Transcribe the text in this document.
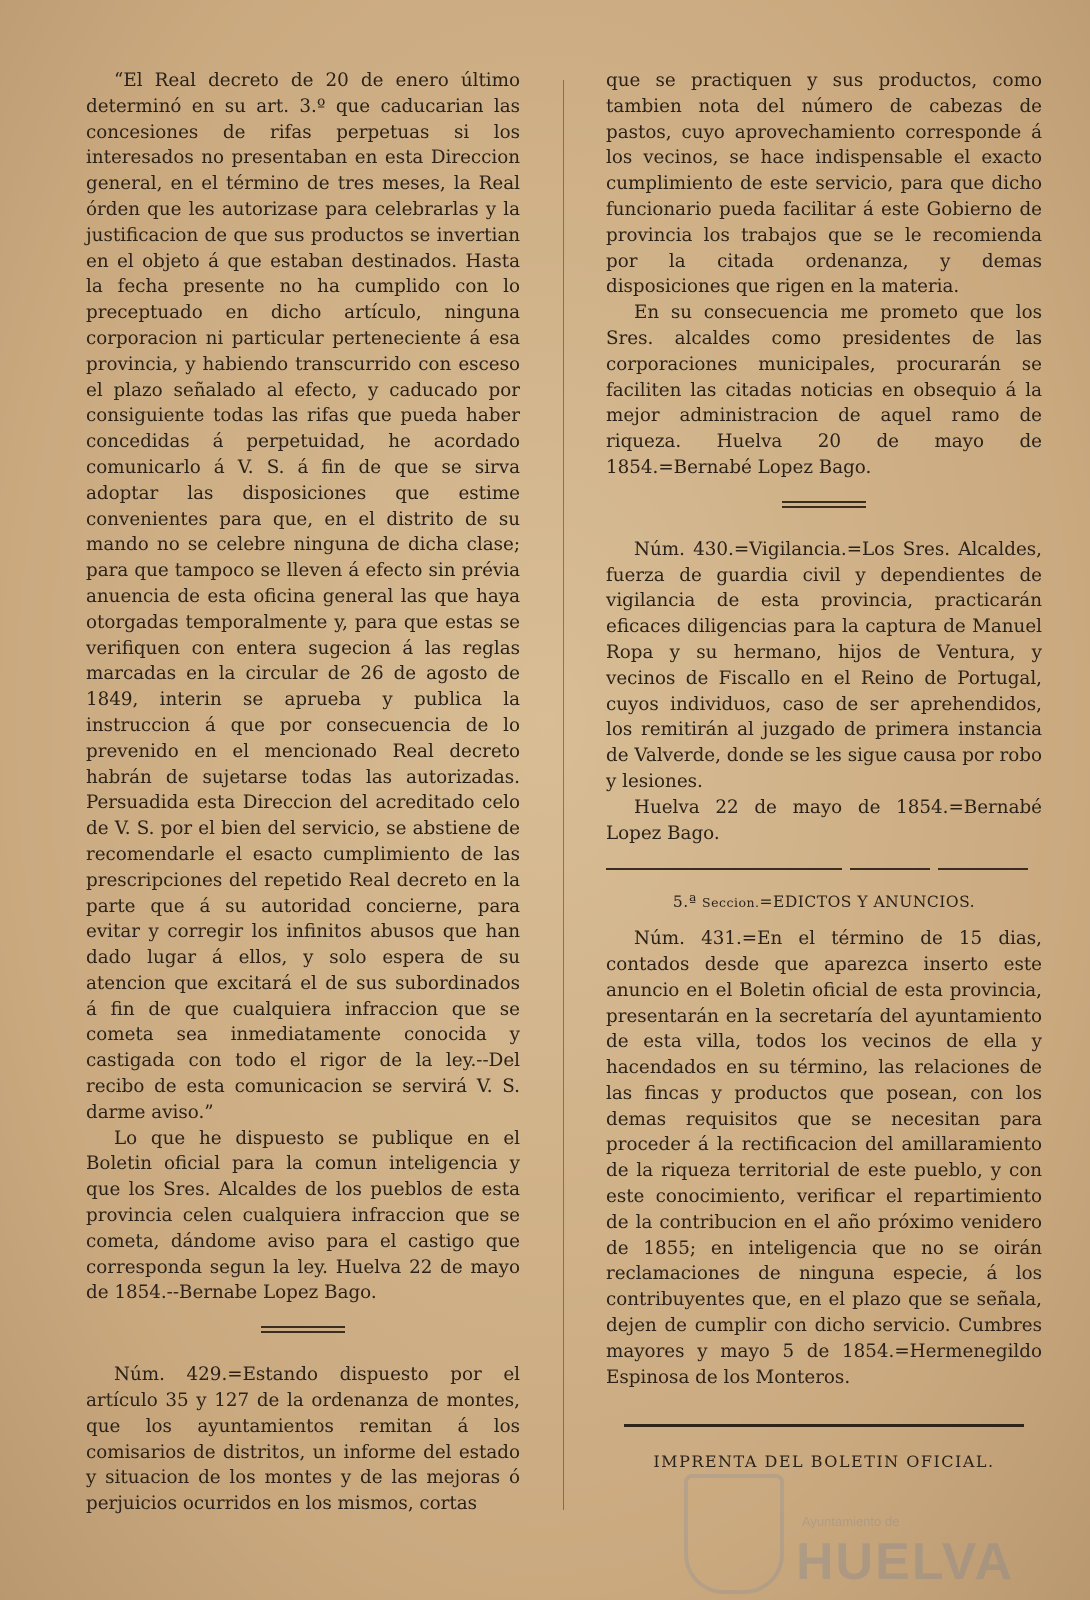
“El Real decreto de 20 de enero último determinó en su art. 3.º que caducarian las concesiones de rifas perpetuas si los interesados no presentaban en esta Direccion general, en el término de tres meses, la Real órden que les autorizase para celebrarlas y la justificacion de que sus productos se invertian en el objeto á que estaban destinados. Hasta la fecha presente no ha cumplido con lo preceptuado en dicho artículo, ninguna corporacion ni particular perteneciente á esa provincia, y habiendo transcurrido con esceso el plazo señalado al efecto, y caducado por consiguiente todas las rifas que pueda haber concedidas á perpetuidad, he acordado comunicarlo á V. S. á fin de que se sirva adoptar las disposiciones que estime convenientes para que, en el distrito de su mando no se celebre ninguna de dicha clase; para que tampoco se lleven á efecto sin prévia anuencia de esta oficina general las que haya otorgadas temporalmente y, para que estas se verifiquen con entera sugecion á las reglas marcadas en la circular de 26 de agosto de 1849, interin se aprueba y publica la instruccion á que por consecuencia de lo prevenido en el mencionado Real decreto habrán de sujetarse todas las autorizadas. Persuadida esta Direccion del acreditado celo de V. S. por el bien del servicio, se abstiene de recomendarle el esacto cumplimiento de las prescripciones del repetido Real decreto en la parte que á su autoridad concierne, para evitar y corregir los infinitos abusos que han dado lugar á ellos, y solo espera de su atencion que excitará el de sus subordinados á fin de que cualquiera infraccion que se cometa sea inmediatamente conocida y castigada con todo el rigor de la ley.--Del recibo de esta comunicacion se servirá V. S. darme aviso.”

Lo que he dispuesto se publique en el Boletin oficial para la comun inteligencia y que los Sres. Alcaldes de los pueblos de esta provincia celen cualquiera infraccion que se cometa, dándome aviso para el castigo que corresponda segun la ley. Huelva 22 de mayo de 1854.--Bernabe Lopez Bago.

Núm. 429.=Estando dispuesto por el artículo 35 y 127 de la ordenanza de montes, que los ayuntamientos remitan á los comisarios de distritos, un informe del estado y situacion de los montes y de las mejoras ó perjuicios ocurridos en los mismos, cortas

que se practiquen y sus productos, como tambien nota del número de cabezas de pastos, cuyo aprovechamiento corresponde á los vecinos, se hace indispensable el exacto cumplimiento de este servicio, para que dicho funcionario pueda facilitar á este Gobierno de provincia los trabajos que se le recomienda por la citada ordenanza, y demas disposiciones que rigen en la materia.

En su consecuencia me prometo que los Sres. alcaldes como presidentes de las corporaciones municipales, procurarán se faciliten las citadas noticias en obsequio á la mejor administracion de aquel ramo de riqueza. Huelva 20 de mayo de 1854.=Bernabé Lopez Bago.

Núm. 430.=Vigilancia.=Los Sres. Alcaldes, fuerza de guardia civil y dependientes de vigilancia de esta provincia, practicarán eficaces diligencias para la captura de Manuel Ropa y su hermano, hijos de Ventura, y vecinos de Fiscallo en el Reino de Portugal, cuyos individuos, caso de ser aprehendidos, los remitirán al juzgado de primera instancia de Valverde, donde se les sigue causa por robo y lesiones.

Huelva 22 de mayo de 1854.=Bernabé Lopez Bago.

5.ª Seccion.=EDICTOS Y ANUNCIOS.

Núm. 431.=En el término de 15 dias, contados desde que aparezca inserto este anuncio en el Boletin oficial de esta provincia, presentarán en la secretaría del ayuntamiento de esta villa, todos los vecinos de ella y hacendados en su término, las relaciones de las fincas y productos que posean, con los demas requisitos que se necesitan para proceder á la rectificacion del amillaramiento de la riqueza territorial de este pueblo, y con este conocimiento, verificar el repartimiento de la contribucion en el año próximo venidero de 1855; en inteligencia que no se oirán reclamaciones de ninguna especie, á los contribuyentes que, en el plazo que se señala, dejen de cumplir con dicho servicio. Cumbres mayores y mayo 5 de 1854.=Hermenegildo Espinosa de los Monteros.

IMPRENTA DEL BOLETIN OFICIAL.

Ayuntamiento de
HUELVA
